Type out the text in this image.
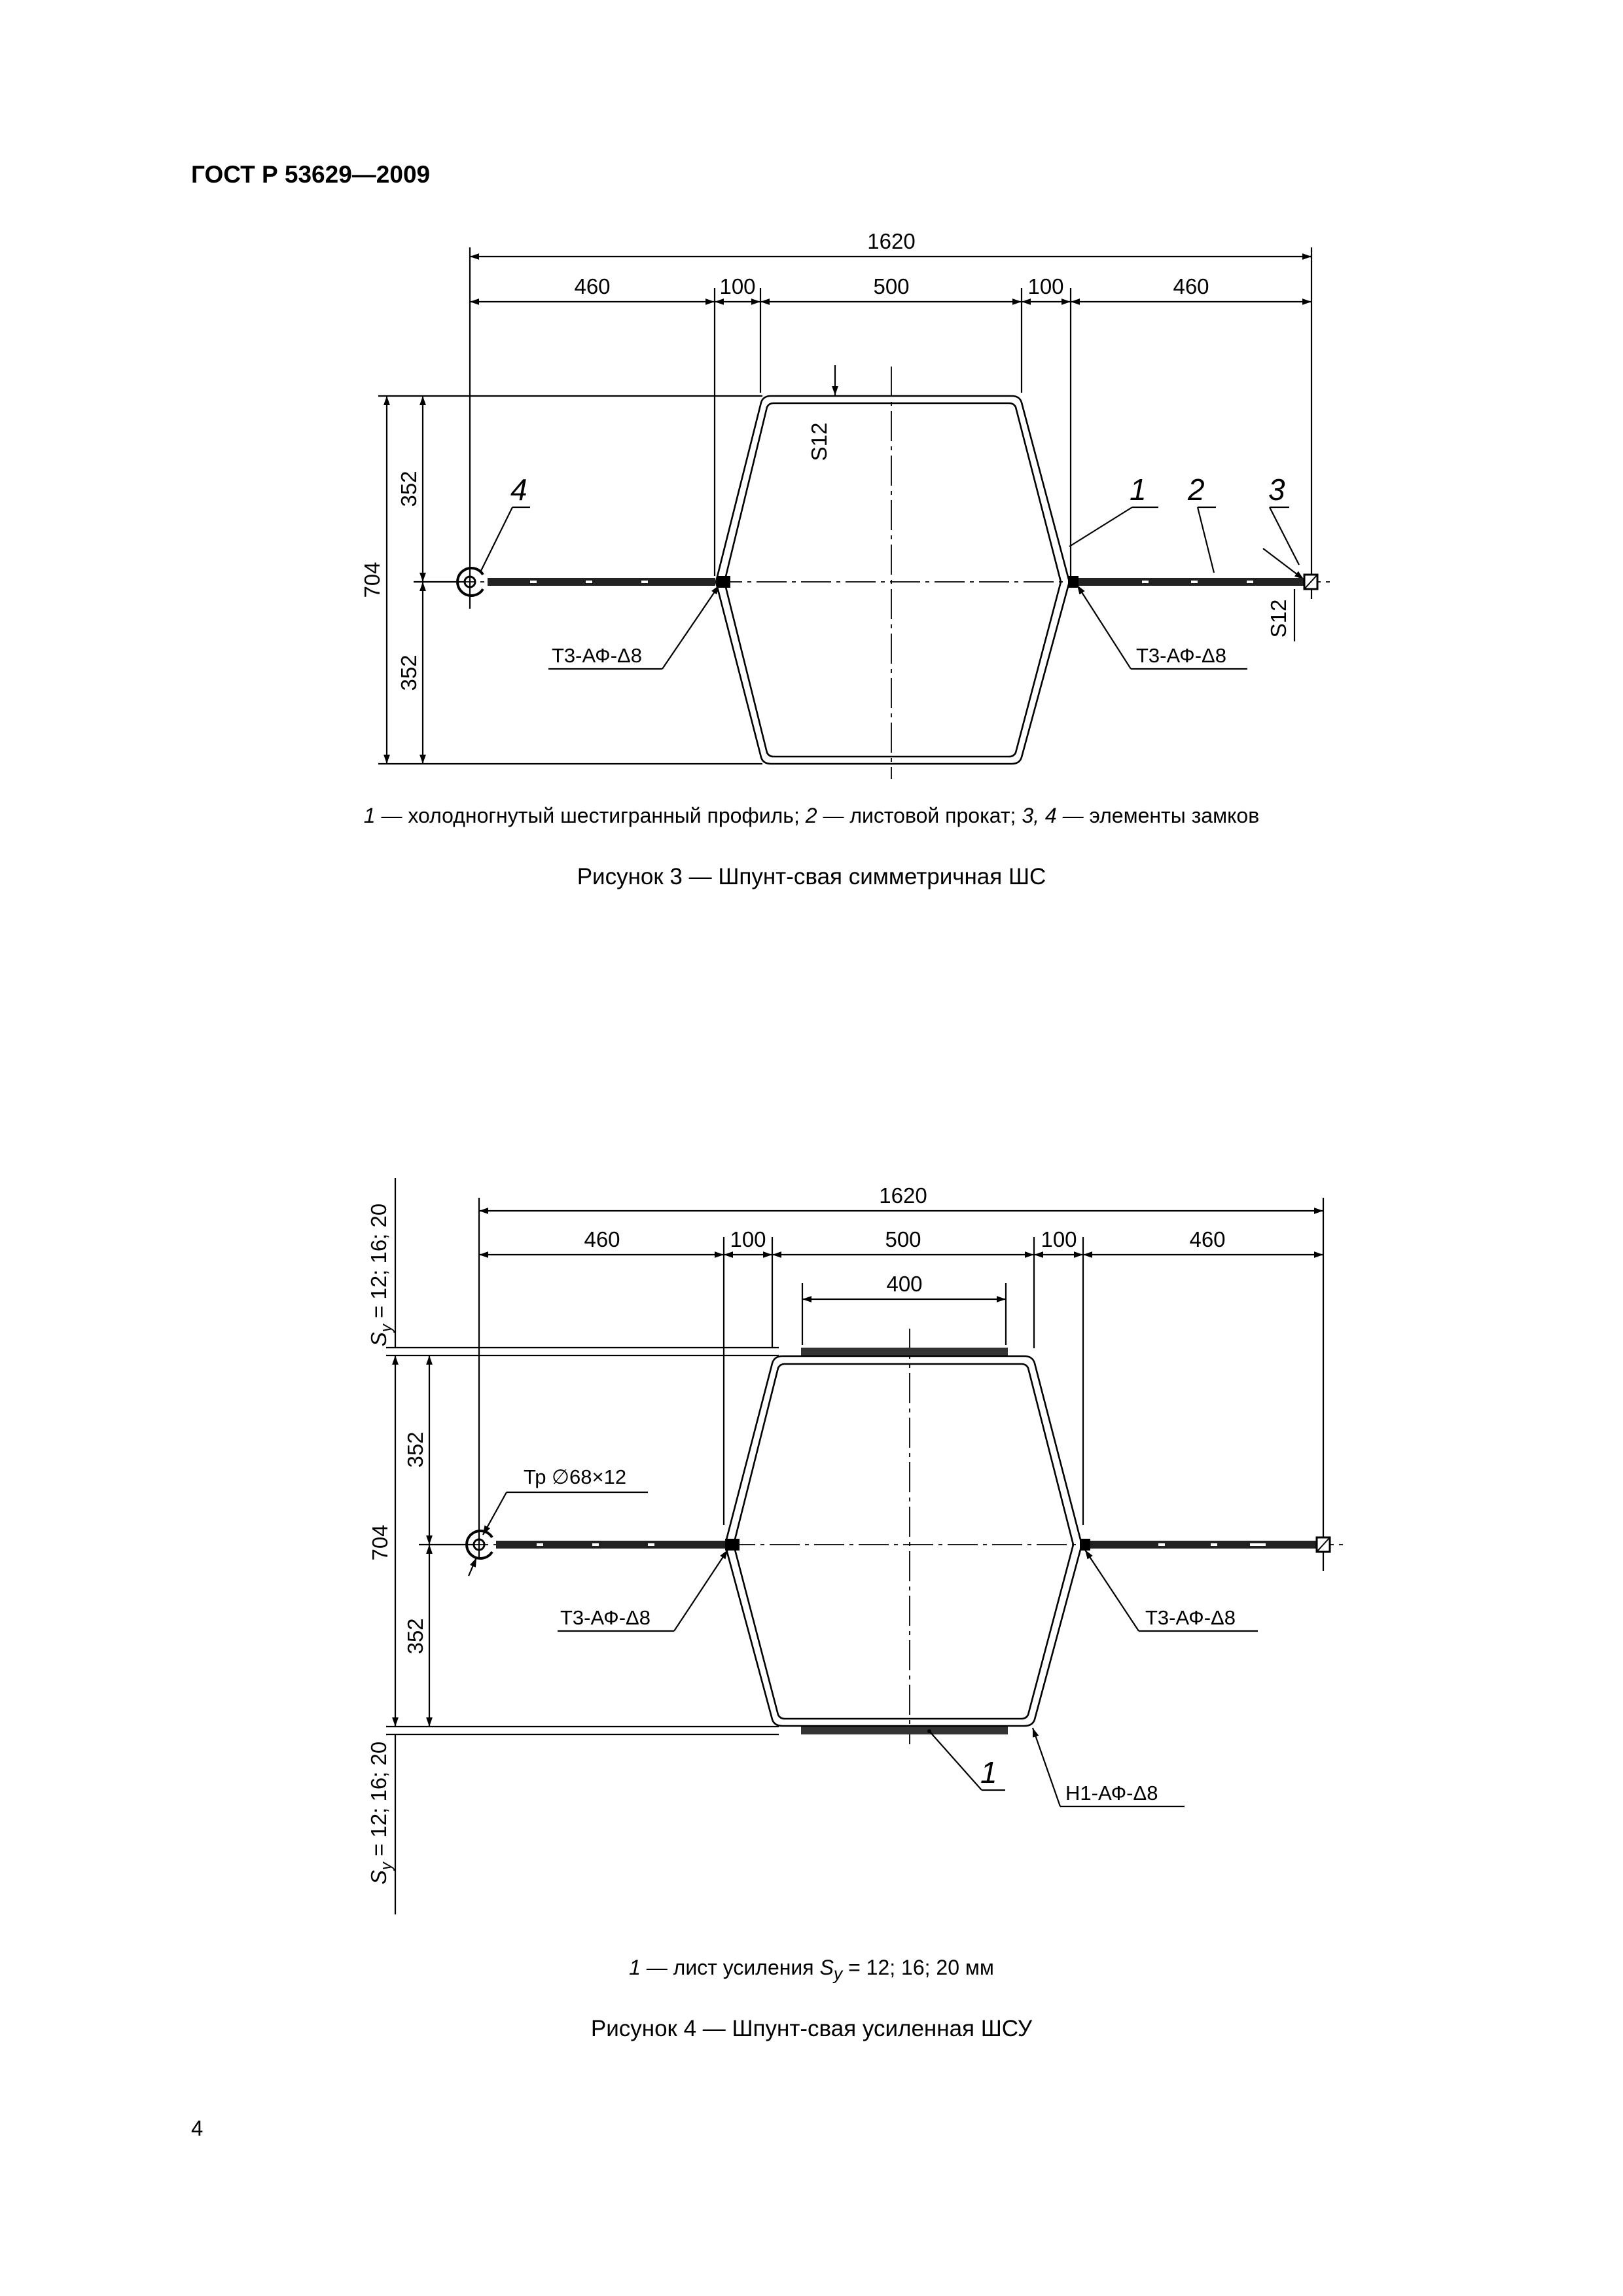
ГОСТ Р 53629—2009
1620
460	100	500	100	460
704
352
352
S12
S12
4	1 2 3
Т3-АФ-Δ8	Т3-АФ-Δ8
1 — холодногнутый шестигранный профиль; 2 — листовой прокат; 3, 4 — элементы замков
Рисунок 3 — Шпунт-свая симметричная ШС
1620
460	100	500	100	460
400
704
352
352
$S_y = 12$; 16; 20
$S_y = 12$; 16; 20
Тр ∅68×12
Т3-АФ-Δ8	Т3-АФ-Δ8
Н1-АФ-Δ8
1
1 — лист усиления $S_y = 12$; 16; 20 мм
Рисунок 4 — Шпунт-свая усиленная ШСУ
4
